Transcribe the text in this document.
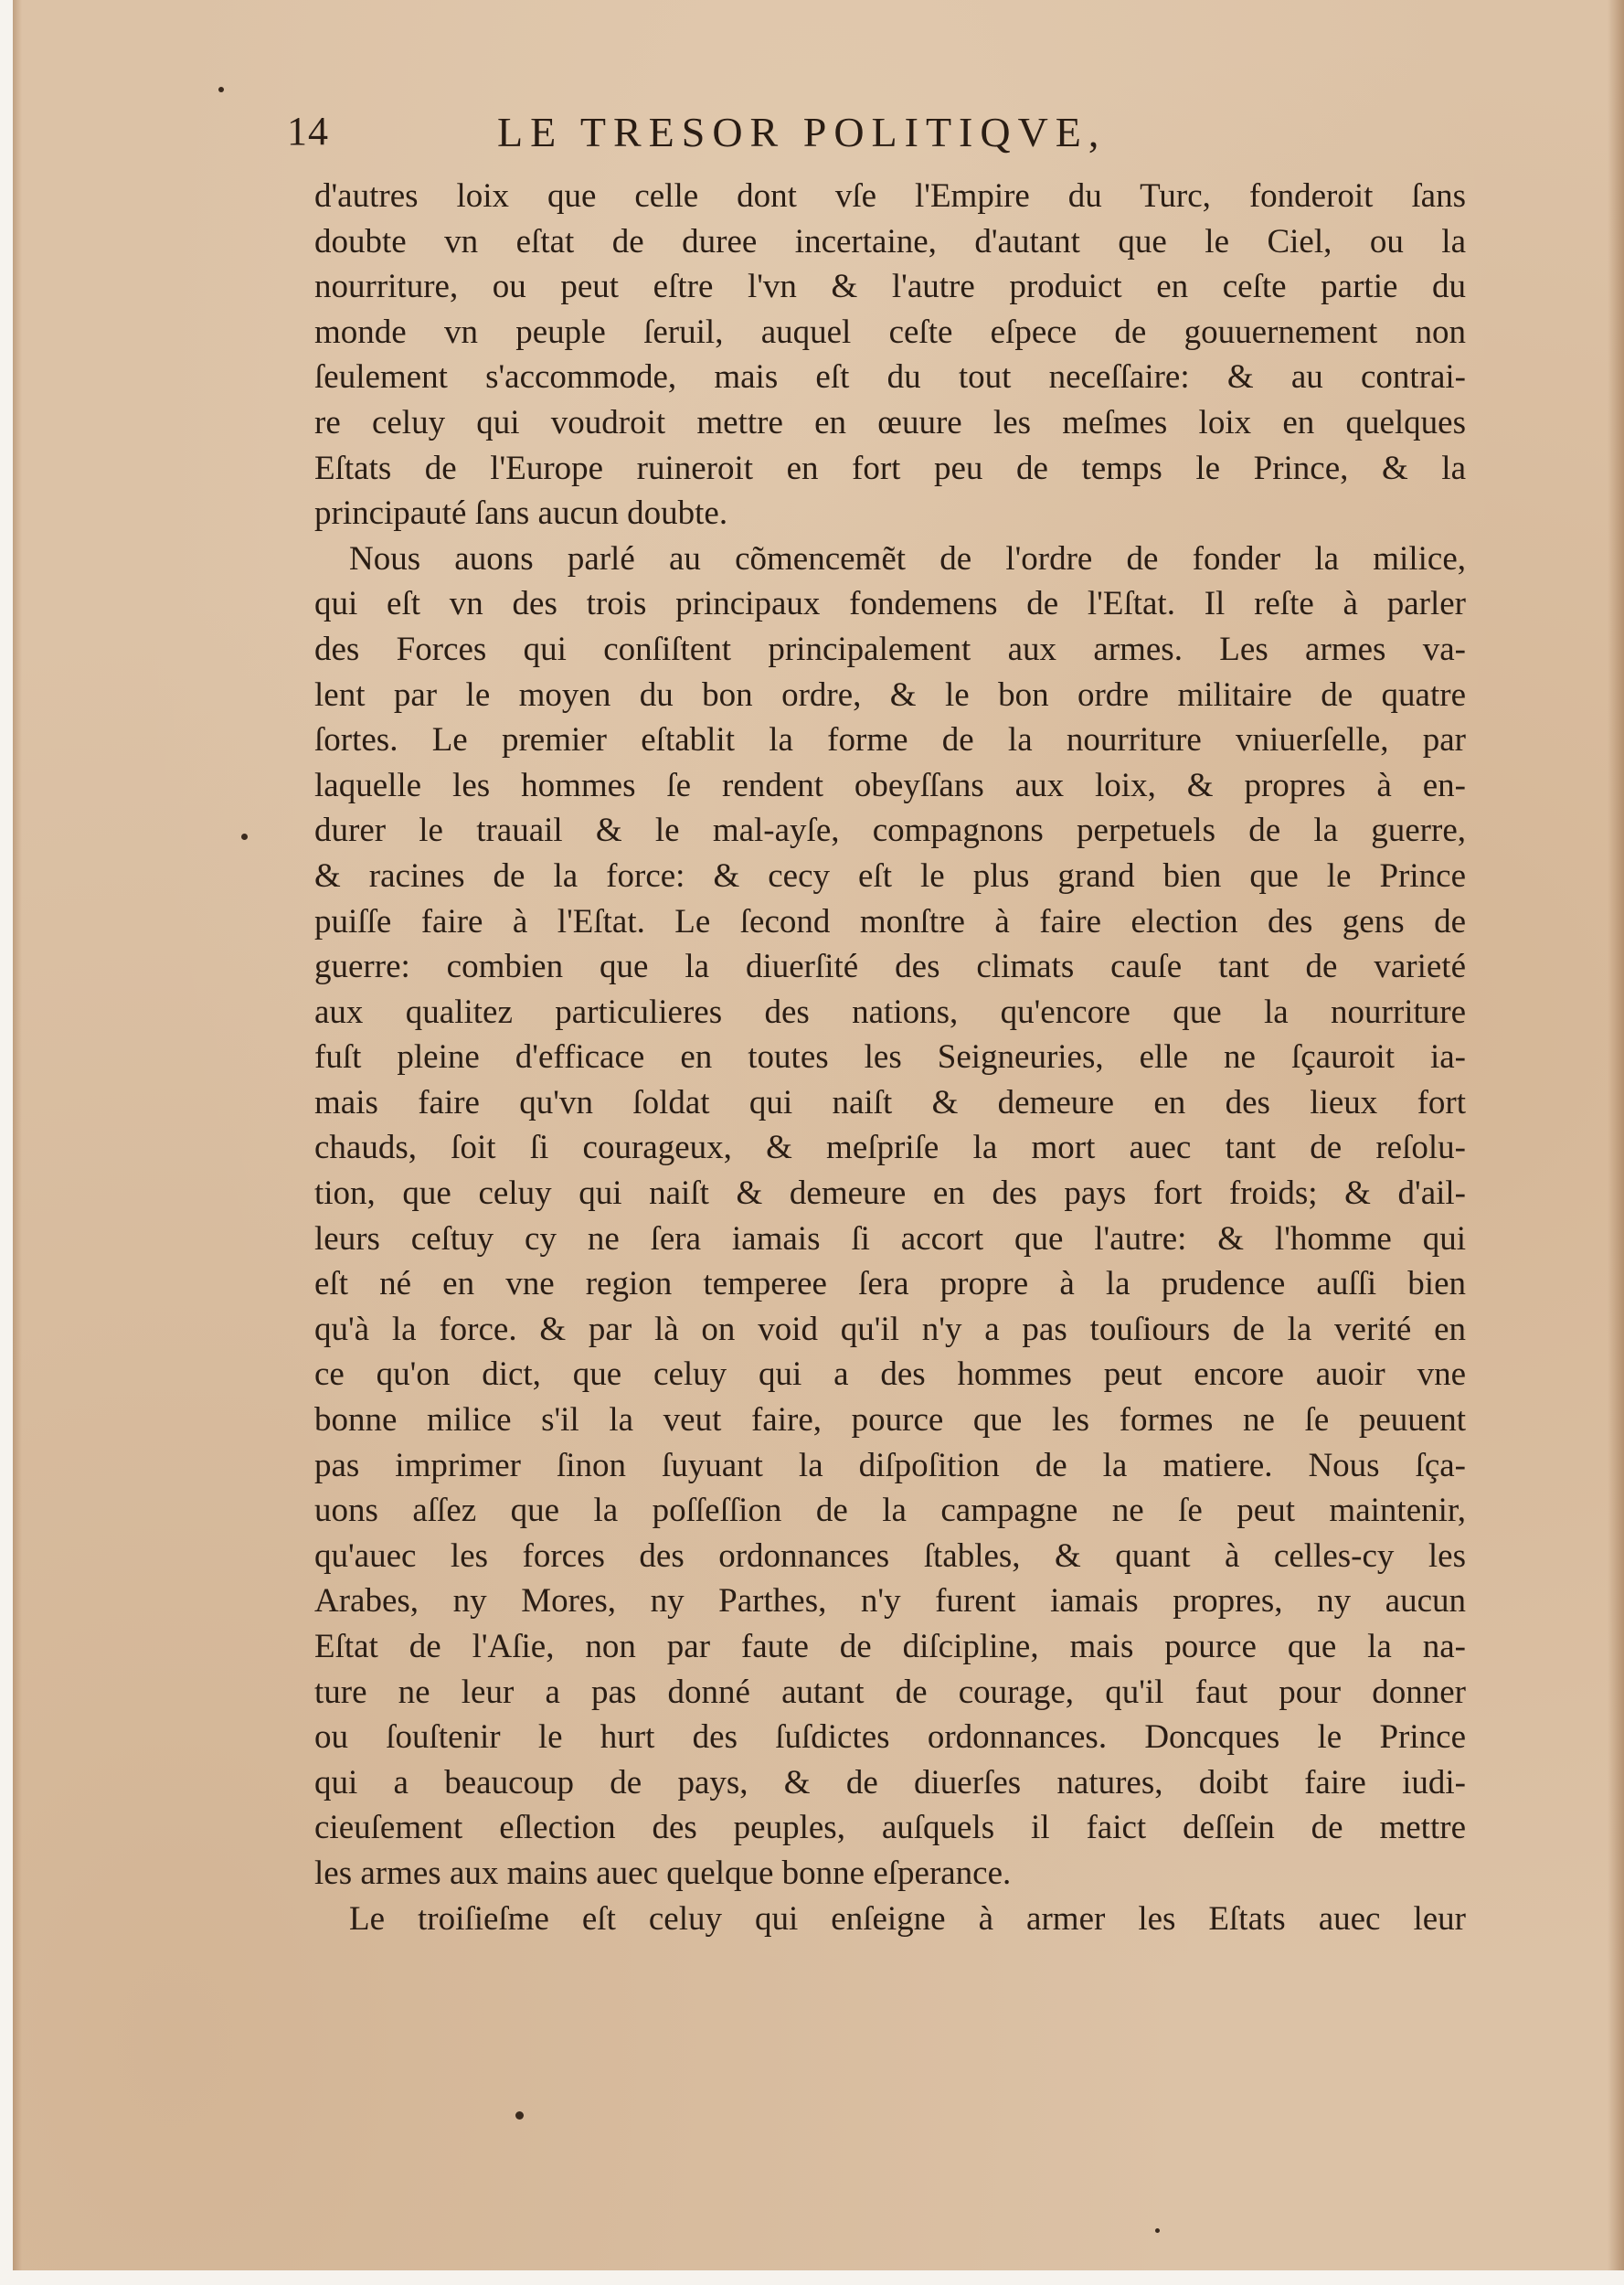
14	LE TRESOR POLITIQVE,
d'autres loix que celle dont vſe l'Empire du Turc, fonderoit ſans
doubte vn eſtat de duree incertaine, d'autant que le Ciel, ou la
nourriture, ou peut eſtre l'vn & l'autre produict en ceſte partie du
monde vn peuple ſeruil, auquel ceſte eſpece de gouuernement non
ſeulement s'accommode, mais eſt du tout neceſſaire: & au contrai-
re celuy qui voudroit mettre en œuure les meſmes loix en quelques
Eſtats de l'Europe ruineroit en fort peu de temps le Prince, & la
principauté ſans aucun doubte.
Nous auons parlé au cõmencemẽt de l'ordre de fonder la milice,
qui eſt vn des trois principaux fondemens de l'Eſtat. Il reſte à parler
des Forces qui conſiſtent principalement aux armes. Les armes va-
lent par le moyen du bon ordre, & le bon ordre militaire de quatre
ſortes. Le premier eſtablit la forme de la nourriture vniuerſelle, par
laquelle les hommes ſe rendent obeyſſans aux loix, & propres à en-
durer le trauail & le mal-ayſe, compagnons perpetuels de la guerre,
& racines de la force: & cecy eſt le plus grand bien que le Prince
puiſſe faire à l'Eſtat. Le ſecond monſtre à faire election des gens de
guerre: combien que la diuerſité des climats cauſe tant de varieté
aux qualitez particulieres des nations, qu'encore que la nourriture
fuſt pleine d'efficace en toutes les Seigneuries, elle ne ſçauroit ia-
mais faire qu'vn ſoldat qui naiſt & demeure en des lieux fort
chauds, ſoit ſi courageux, & meſpriſe la mort auec tant de reſolu-
tion, que celuy qui naiſt & demeure en des pays fort froids; & d'ail-
leurs ceſtuy cy ne ſera iamais ſi accort que l'autre: & l'homme qui
eſt né en vne region temperee ſera propre à la prudence auſſi bien
qu'à la force. & par là on void qu'il n'y a pas touſiours de la verité en
ce qu'on dict, que celuy qui a des hommes peut encore auoir vne
bonne milice s'il la veut faire, pource que les formes ne ſe peuuent
pas imprimer ſinon ſuyuant la diſpoſition de la matiere. Nous ſça-
uons aſſez que la poſſeſſion de la campagne ne ſe peut maintenir,
qu'auec les forces des ordonnances ſtables, & quant à celles-cy les
Arabes, ny Mores, ny Parthes, n'y furent iamais propres, ny aucun
Eſtat de l'Aſie, non par faute de diſcipline, mais pource que la na-
ture ne leur a pas donné autant de courage, qu'il faut pour donner
ou ſouſtenir le hurt des ſuſdictes ordonnances. Doncques le Prince
qui a beaucoup de pays, & de diuerſes natures, doibt faire iudi-
cieuſement eſlection des peuples, auſquels il faict deſſein de mettre
les armes aux mains auec quelque bonne eſperance.
Le troiſieſme eſt celuy qui enſeigne à armer les Eſtats auec leur
